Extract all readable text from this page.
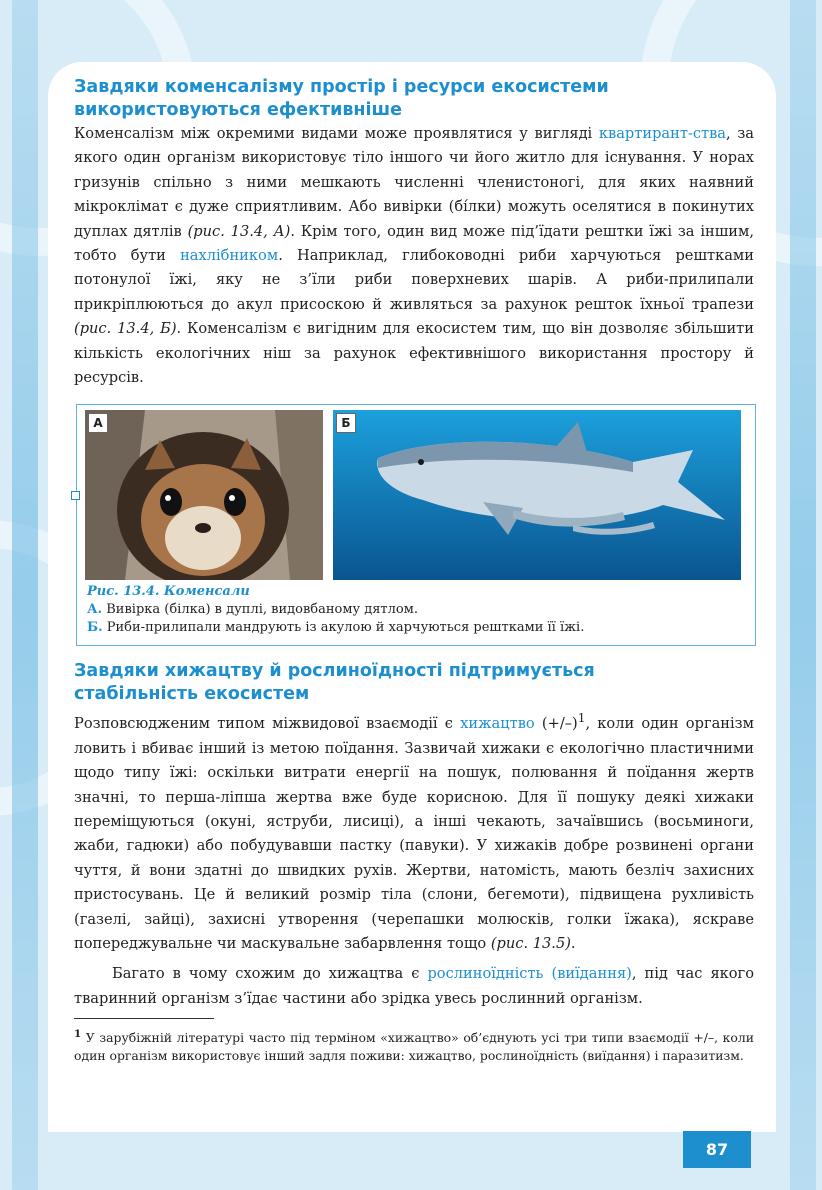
Завдяки коменсалізму простір і ресурси екосистеми
використовуються ефективніше

Коменсалізм між окремими видами може проявлятися у вигляді квартирант-ства, за якого один організм використовує тіло іншого чи його житло для існування. У норах гризунів спільно з ними мешкають численні членистоногі, для яких наявний мікроклімат є дуже сприятливим. Або вивірки (бі́лки) можуть оселятися в покинутих дуплах дятлів (рис. 13.4, А). Крім того, один вид може під’їдати рештки їжі за іншим, тобто бути нахлібником. Наприклад, глибоководні риби харчуються рештками потонулої їжі, яку не з’їли риби поверхневих шарів. А риби-прилипали прикріплюються до акул присоскою й живляться за рахунок решток їхньої трапези (рис. 13.4, Б). Коменсалізм є вигідним для екосистем тим, що він дозволяє збільшити кількість екологічних ніш за рахунок ефективнішого використання простору й ресурсів.

А	Б
Рис. 13.4. Коменсали
А. Вивірка (білка) в дуплі, видовбаному дятлом.
Б. Риби-прилипали мандрують із акулою й харчуються рештками її їжі.
Завдяки хижацтву й рослиноїдності підтримується
стабільність екосистем

Розповсюдженим типом міжвидової взаємодії є хижацтво $(+/-)^1$, коли один організм ловить і вбиває інший із метою поїдання. Зазвичай хижаки є екологічно пластичними щодо типу їжі: оскільки витрати енергії на пошук, полювання й поїдання жертв значні, то перша-ліпша жертва вже буде корисною. Для її пошуку деякі хижаки переміщуються (окуні, яструби, лисиці), а інші чекають, зачаївшись (восьминоги, жаби, гадюки) або побудувавши пастку (павуки). У хижаків добре розвинені органи чуття, й вони здатні до швидких рухів. Жертви, натомість, мають безліч захисних пристосувань. Це й великий розмір тіла (слони, бегемоти), підвищена рухливість (газелі, зайці), захисні утворення (черепашки молюсків, голки їжака), яскраве попереджувальне чи маскувальне забарвлення тощо (рис. 13.5).

Багато в чому схожим до хижацтва є рослиноїдність (виїдання), під час якого тваринний організм з’їдає частини або зрідка увесь рослинний організм.

$^1$ У зарубіжній літературі часто під терміном «хижацтво» об’єднують усі три типи взаємодії +/–, коли один організм використовує інший задля поживи: хижацтво, рослиноїдність (виїдання) і паразитизм.

87
